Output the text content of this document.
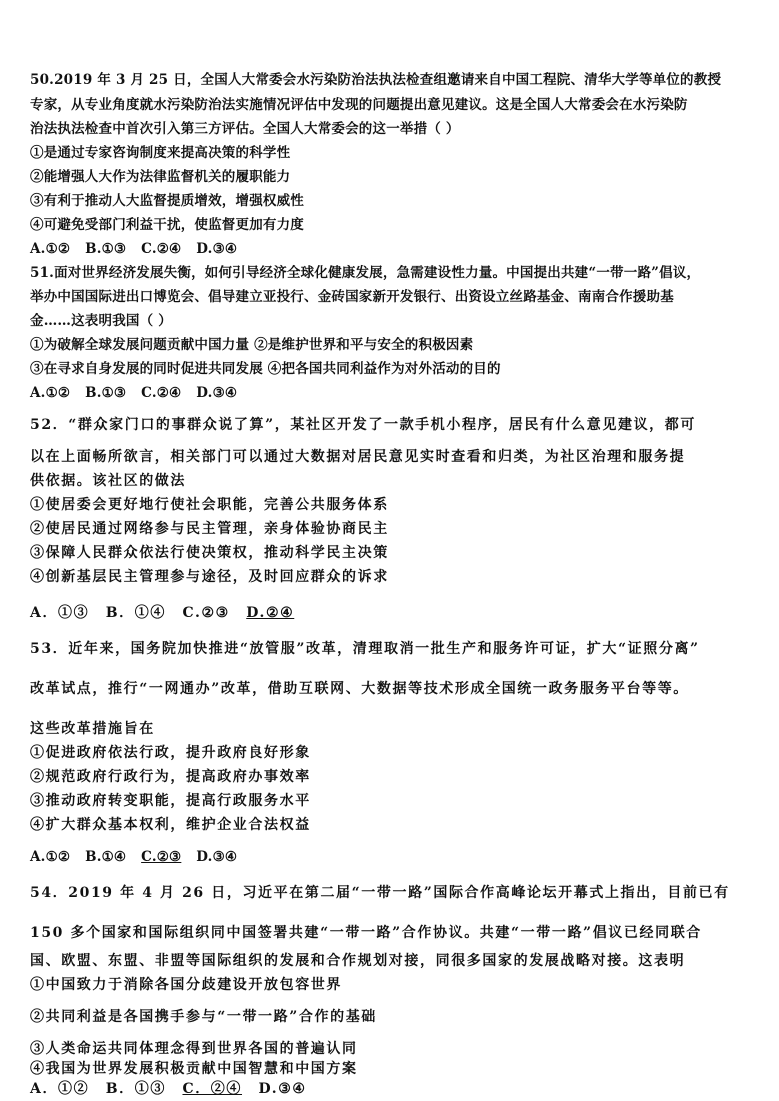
50.2019 年 3 月 25 日，全国人大常委会水污染防治法执法检查组邀请来自中国工程院、清华大学等单位的教授
专家，从专业角度就水污染防治法实施情况评估中发现的问题提出意见建议。这是全国人大常委会在水污染防
治法执法检查中首次引入第三方评估。全国人大常委会的这一举措（ ）
①是通过专家咨询制度来提高决策的科学性
②能增强人大作为法律监督机关的履职能力
③有利于推动人大监督提质增效，增强权威性
④可避免受部门利益干扰，使监督更加有力度
A.①② B.①③ C.②④ D.③④
51.面对世界经济发展失衡，如何引导经济全球化健康发展，急需建设性力量。中国提出共建“一带一路”倡议，
举办中国国际进出口博览会、倡导建立亚投行、金砖国家新开发银行、出资设立丝路基金、南南合作援助基
金……这表明我国（ ）
①为破解全球发展问题贡献中国力量 ②是维护世界和平与安全的积极因素
③在寻求自身发展的同时促进共同发展 ④把各国共同利益作为对外活动的目的
A.①② B.①③ C.②④ D.③④
52．“群众家门口的事群众说了算”，某社区开发了一款手机小程序，居民有什么意见建议，都可
以在上面畅所欲言，相关部门可以通过大数据对居民意见实时查看和归类，为社区治理和服务提
供依据。该社区的做法
①使居委会更好地行使社会职能，完善公共服务体系
②使居民通过网络参与民主管理，亲身体验协商民主
③保障人民群众依法行使决策权，推动科学民主决策
④创新基层民主管理参与途径，及时回应群众的诉求
A．①③ B．①④ C.②③ D.②④
53．近年来，国务院加快推进“放管服”改革，清理取消一批生产和服务许可证，扩大“证照分离”
改革试点，推行“一网通办”改革，借助互联网、大数据等技术形成全国统一政务服务平台等等。
这些改革措施旨在
①促进政府依法行政，提升政府良好形象
②规范政府行政行为，提高政府办事效率
③推动政府转变职能，提高行政服务水平
④扩大群众基本权利，维护企业合法权益
A.①② B.①④ C.②③ D.③④
54．2019 年 4 月 26 日，习近平在第二届“一带一路”国际合作高峰论坛开幕式上指出，目前已有
150 多个国家和国际组织同中国签署共建“一带一路”合作协议。共建“一带一路”倡议已经同联合
国、欧盟、东盟、非盟等国际组织的发展和合作规划对接，同很多国家的发展战略对接。这表明
①中国致力于消除各国分歧建设开放包容世界
②共同利益是各国携手参与“一带一路”合作的基础
③人类命运共同体理念得到世界各国的普遍认同
④我国为世界发展积极贡献中国智慧和中国方案
A．①② B．①③ C．②④ D.③④
